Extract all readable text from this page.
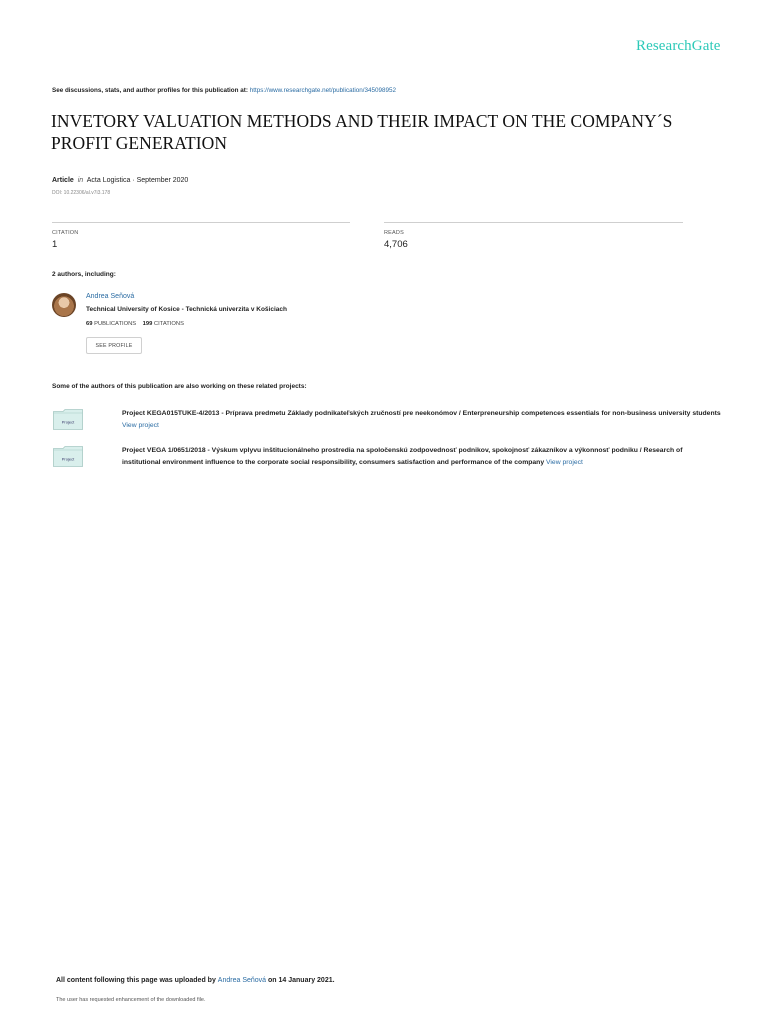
ResearchGate
See discussions, stats, and author profiles for this publication at: https://www.researchgate.net/publication/345098952
INVETORY VALUATION METHODS AND THEIR IMPACT ON THE COMPANY´S PROFIT GENERATION
Article in Acta Logistica · September 2020
DOI: 10.22306/al.v7i3.178
CITATION
1
READS
4,706
2 authors, including:
Andrea Seňová
Technical University of Kosice - Technická univerzita v Košiciach
69 PUBLICATIONS 199 CITATIONS
SEE PROFILE
Some of the authors of this publication are also working on these related projects:
Project
Project KEGA015TUKE-4/2013 - Príprava predmetu Základy podnikateľských zručností pre neekonómov / Enterpreneurship competences essentials for non-business university students View project
Project
Project VEGA 1/0651/2018 - Výskum vplyvu inštitucionálneho prostredia na spoločenskú zodpovednosť podnikov, spokojnosť zákazníkov a výkonnosť podniku / Research of institutional environment influence to the corporate social responsibility, consumers satisfaction and performance of the company View project
All content following this page was uploaded by Andrea Seňová on 14 January 2021.
The user has requested enhancement of the downloaded file.
